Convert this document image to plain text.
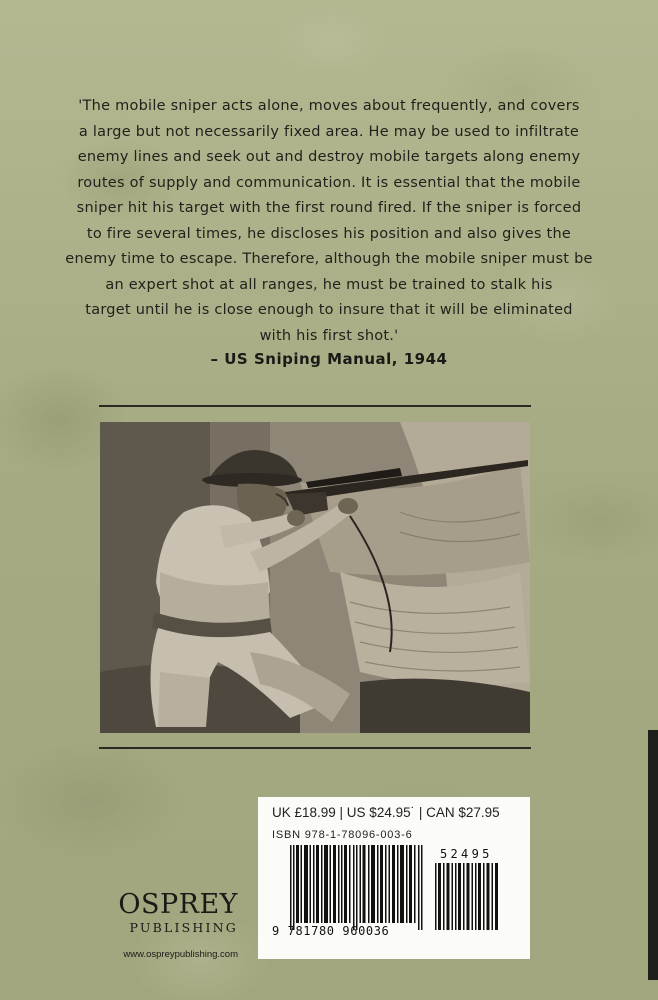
'The mobile sniper acts alone, moves about frequently, and covers
a large but not necessarily fixed area. He may be used to infiltrate
enemy lines and seek out and destroy mobile targets along enemy
routes of supply and communication. It is essential that the mobile
sniper hit his target with the first round fired. If the sniper is forced
to fire several times, he discloses his position and also gives the
enemy time to escape. Therefore, although the mobile sniper must be
an expert shot at all ranges, he must be trained to stalk his
target until he is close enough to insure that it will be eliminated
with his first shot.'

– US Sniping Manual, 1944
UK £18.99 | US $24.95˙ | CAN $27.95
ISBN 978-1-78096-003-6
52495
9 781780 960036
OSPREY
PUBLISHING
www.ospreypublishing.com
